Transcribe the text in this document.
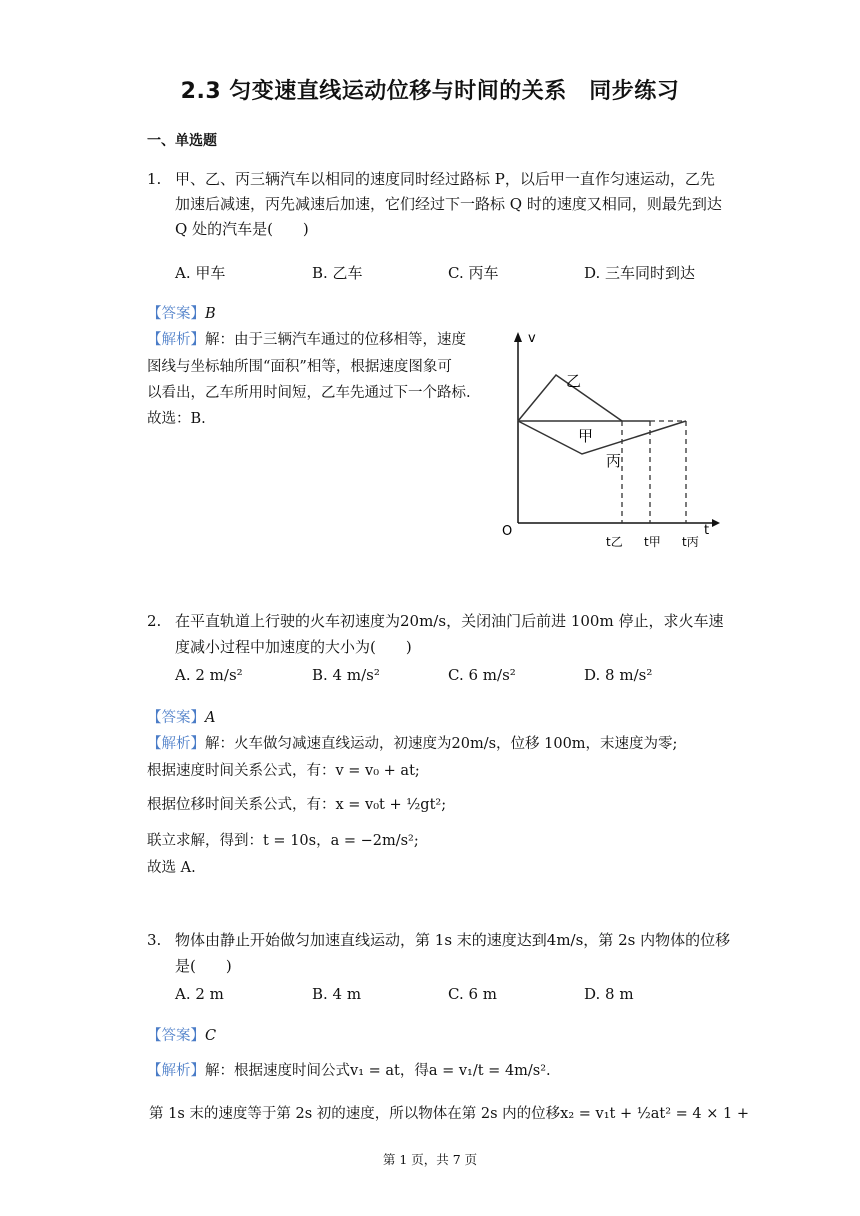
2.3 匀变速直线运动位移与时间的关系　同步练习
一、单选题
1. 甲、乙、丙三辆汽车以相同的速度同时经过路标 P，以后甲一直作匀速运动，乙先
加速后减速，丙先减速后加速，它们经过下一路标 Q 时的速度又相同，则最先到达
Q 处的汽车是(　　)
A. 甲车	B. 乙车	C. 丙车	D. 三车同时到达
【答案】B
【解析】解：由于三辆汽车通过的位移相等，速度
图线与坐标轴所围“面积”相等，根据速度图象可
以看出，乙车所用时间短，乙车先通过下一个路标.
故选：B.
v
t
O
乙
甲
丙
t乙 t甲 t丙
2. 在平直轨道上行驶的火车初速度为20m/s，关闭油门后前进 100m 停止，求火车速
度减小过程中加速度的大小为(　　)
A. 2 m/s²	B. 4 m/s²	C. 6 m/s²	D. 8 m/s²
【答案】A
【解析】解：火车做匀减速直线运动，初速度为20m/s，位移 100m，末速度为零;
根据速度时间关系公式，有：v = v₀ + at;
根据位移时间关系公式，有：x = v₀t + ½gt²;
联立求解，得到：t = 10s，a = −2m/s²;
故选 A.
3. 物体由静止开始做匀加速直线运动，第 1s 末的速度达到4m/s，第 2s 内物体的位移
是(　　)
A. 2 m	B. 4 m	C. 6 m	D. 8 m
【答案】C
【解析】解：根据速度时间公式v₁ = at，得a = v₁/t = 4m/s².
第 1s 末的速度等于第 2s 初的速度，所以物体在第 2s 内的位移x₂ = v₁t + ½at² = 4 × 1 +
第 1 页，共 7 页
